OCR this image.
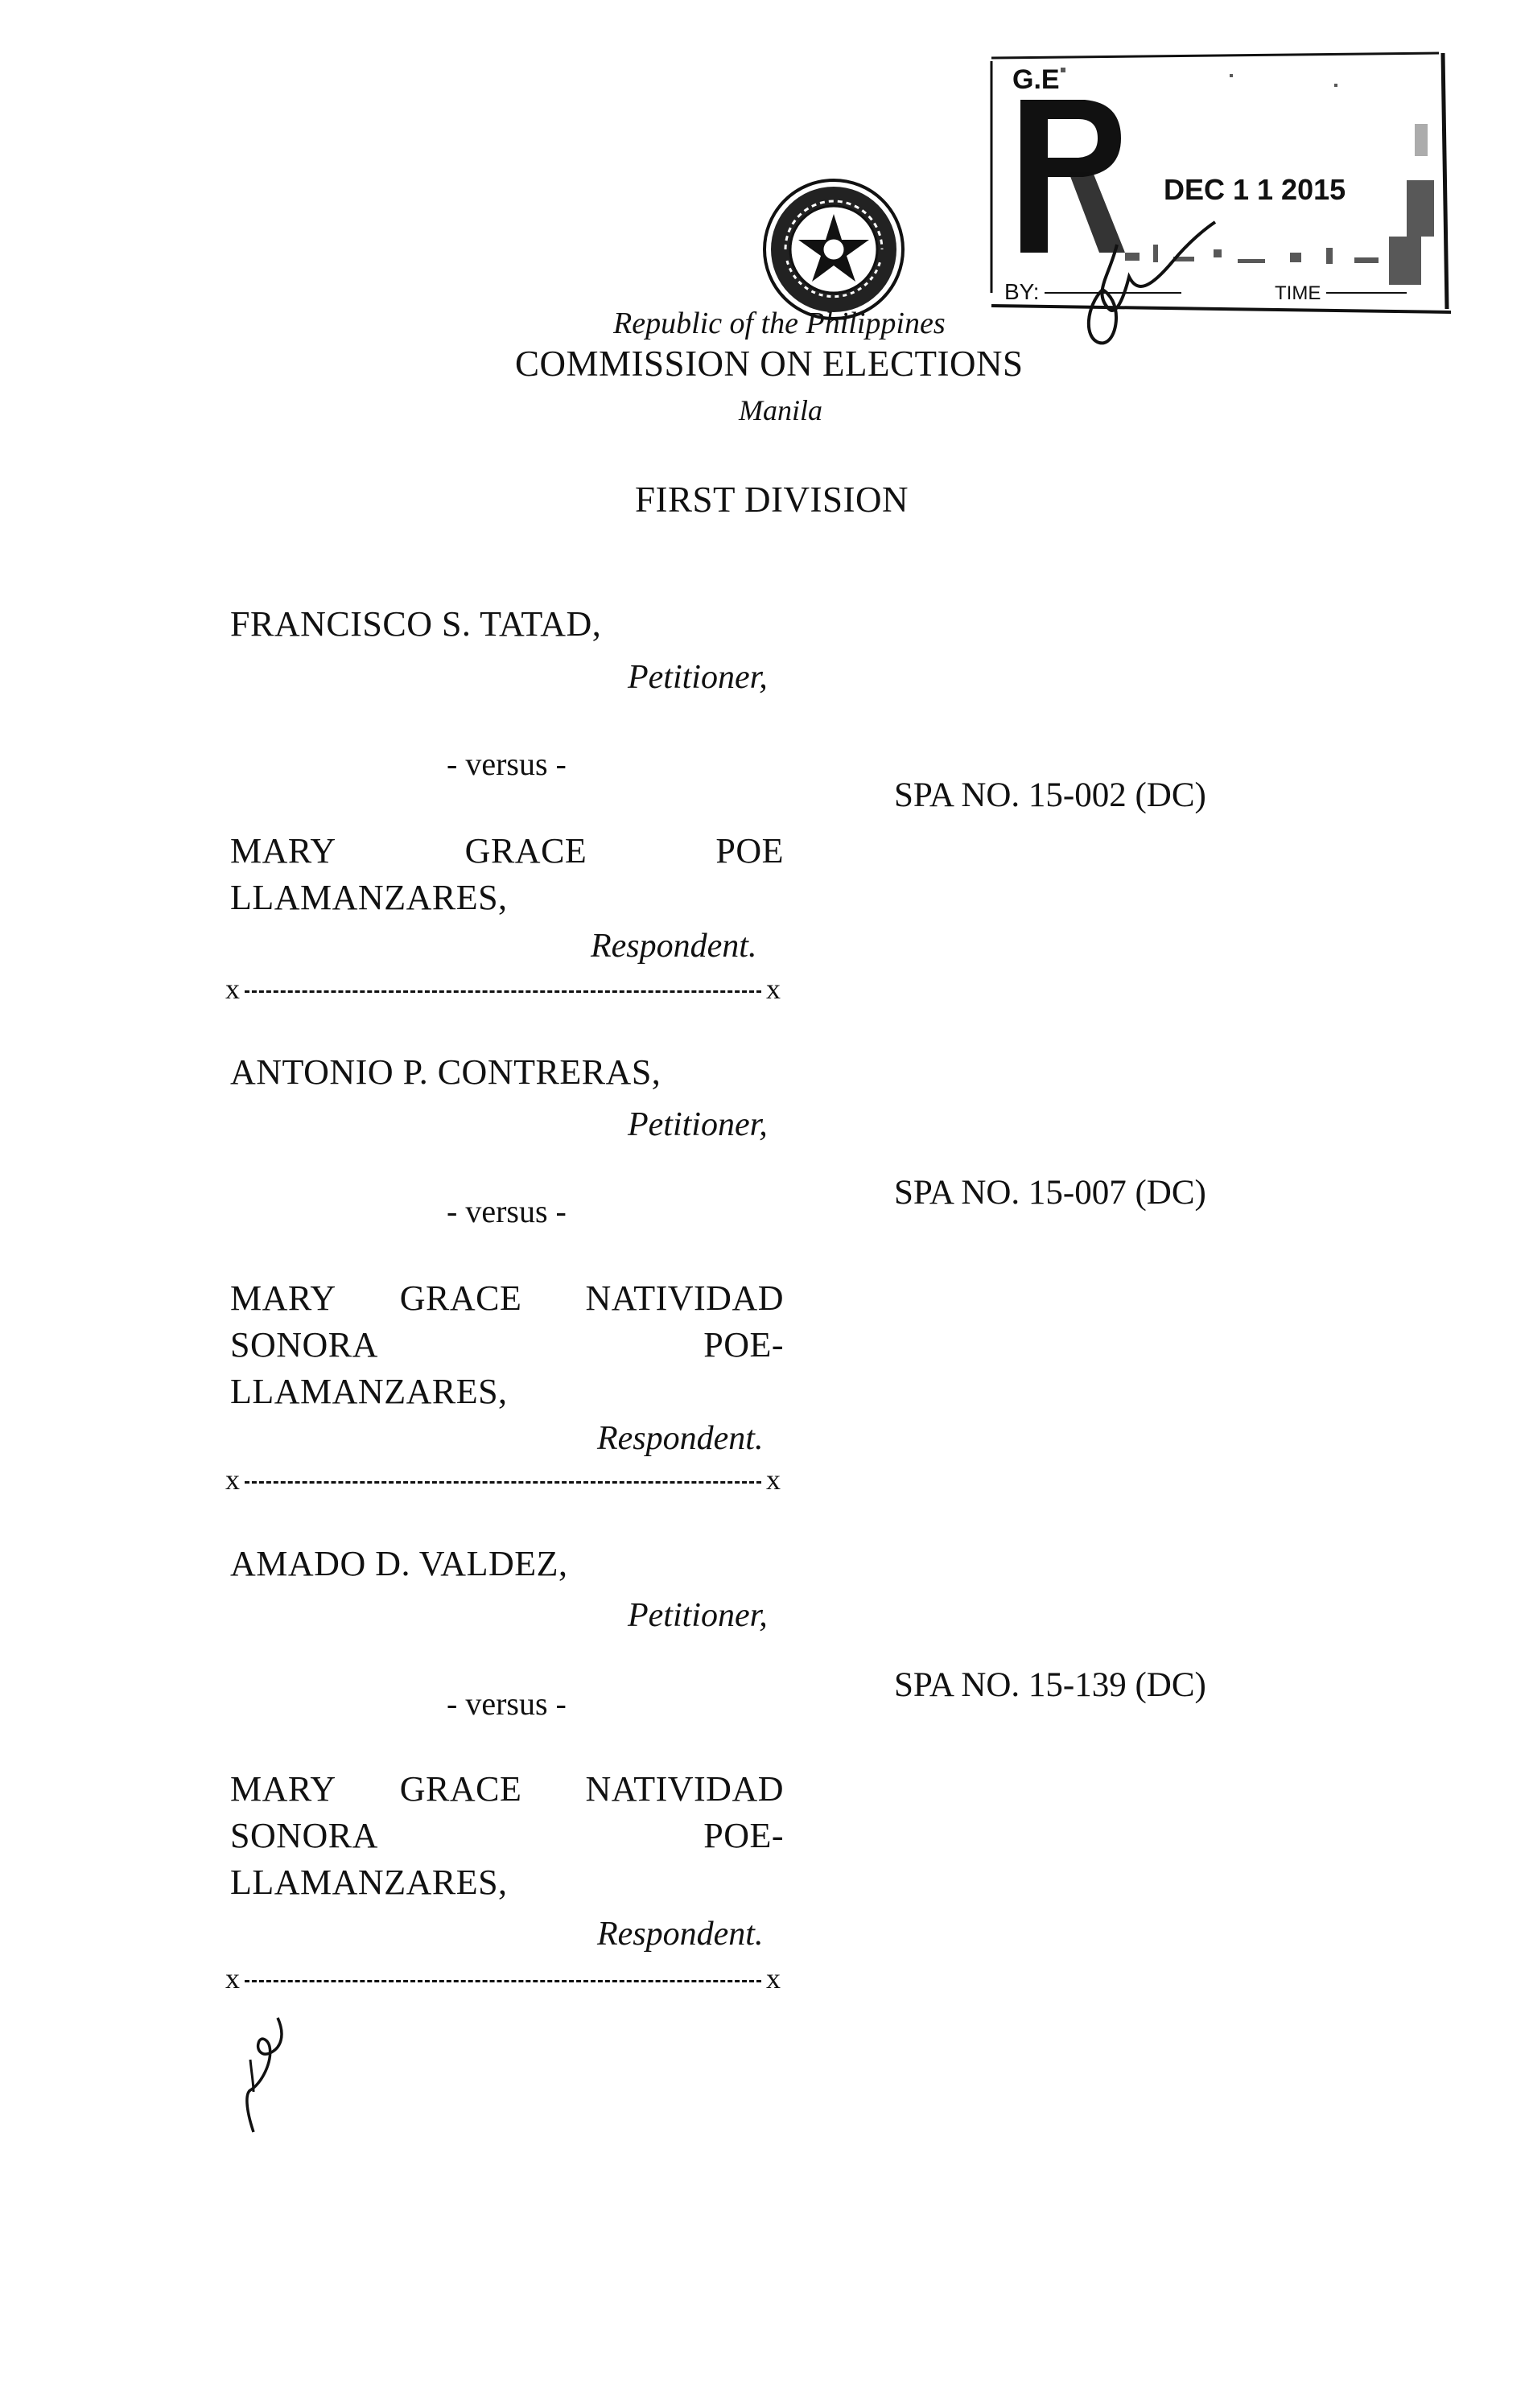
G.E
DEC 1 1 2015
BY:	TIME
Republic of the Philippines
COMMISSION ON ELECTIONS
Manila
FIRST DIVISION
FRANCISCO S. TATAD,
Petitioner,
- versus -
SPA NO. 15-002 (DC)
MARY	GRACE	POE
LLAMANZARES,
Respondent.
x	x
ANTONIO P. CONTRERAS,
Petitioner,
- versus -	SPA NO. 15-007 (DC)
MARY GRACE NATIVIDAD
SONORA	POE-
LLAMANZARES,
Respondent.
x	x
AMADO D. VALDEZ,
Petitioner,
- versus -	SPA NO. 15-139 (DC)
MARY GRACE NATIVIDAD
SONORA	POE-
LLAMANZARES,
Respondent.
x	x
